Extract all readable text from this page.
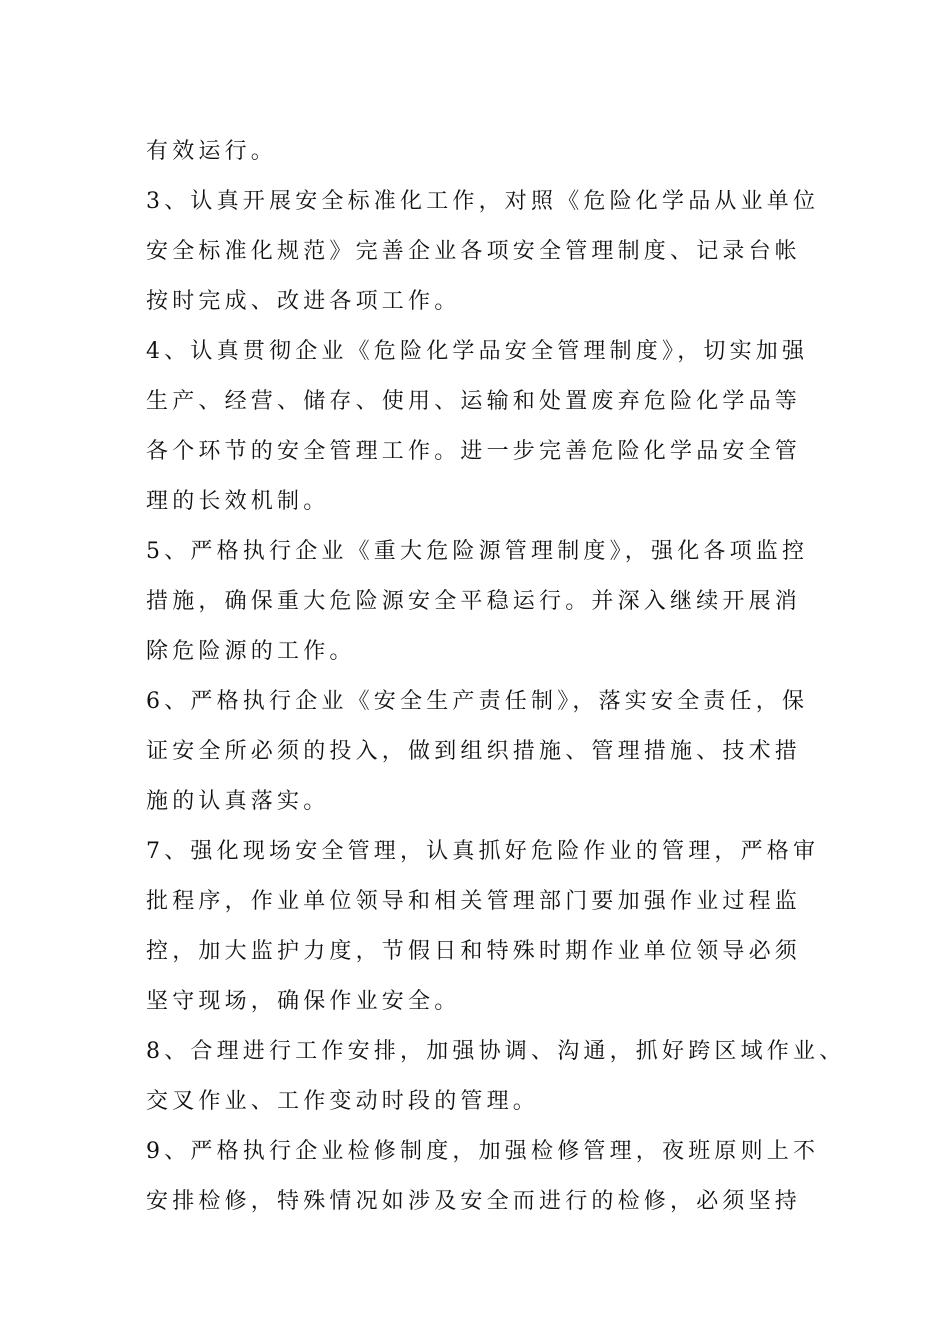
有效运行。
3、认真开展安全标准化工作，对照《危险化学品从业单位
安全标准化规范》完善企业各项安全管理制度、记录台帐
按时完成、改进各项工作。
4、认真贯彻企业《危险化学品安全管理制度》，切实加强
生产、经营、储存、使用、运输和处置废弃危险化学品等
各个环节的安全管理工作。进一步完善危险化学品安全管
理的长效机制。
5、严格执行企业《重大危险源管理制度》，强化各项监控
措施，确保重大危险源安全平稳运行。并深入继续开展消
除危险源的工作。
6、严格执行企业《安全生产责任制》，落实安全责任，保
证安全所必须的投入，做到组织措施、管理措施、技术措
施的认真落实。
7、强化现场安全管理，认真抓好危险作业的管理，严格审
批程序，作业单位领导和相关管理部门要加强作业过程监
控，加大监护力度，节假日和特殊时期作业单位领导必须
坚守现场，确保作业安全。
8、合理进行工作安排，加强协调、沟通，抓好跨区域作业、
交叉作业、工作变动时段的管理。
9、严格执行企业检修制度，加强检修管理，夜班原则上不
安排检修，特殊情况如涉及安全而进行的检修，必须坚持
